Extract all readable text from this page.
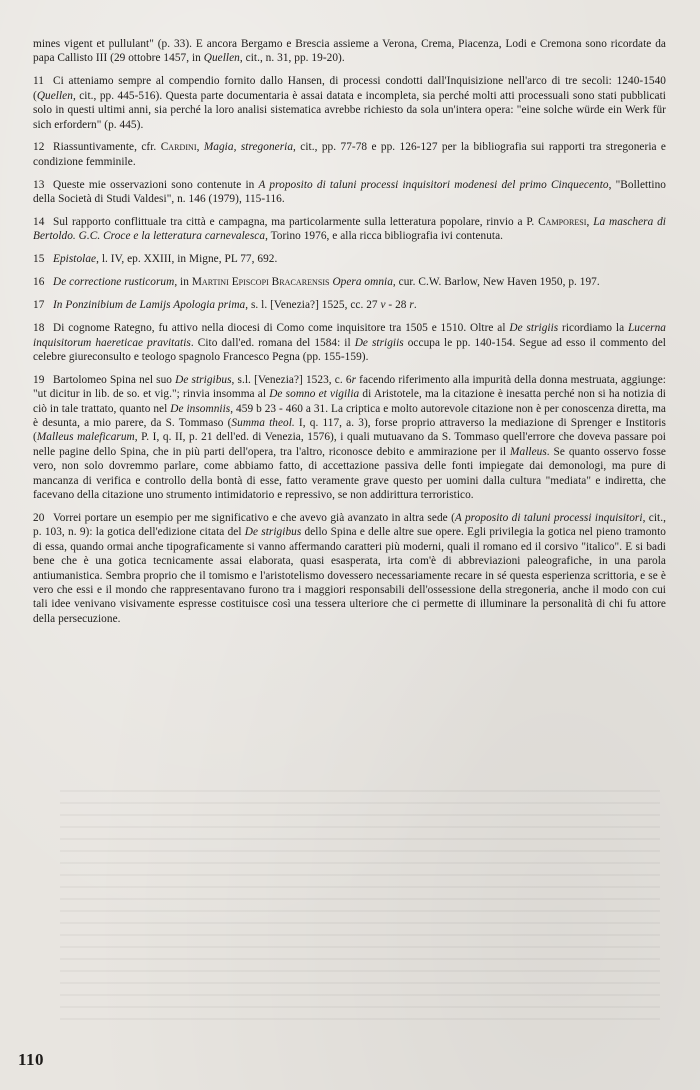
mines vigent et pullulant" (p. 33). E ancora Bergamo e Brescia assieme a Verona, Crema, Piacenza, Lodi e Cremona sono ricordate da papa Callisto III (29 ottobre 1457, in Quellen, cit., n. 31, pp. 19-20).

11 Ci atteniamo sempre al compendio fornito dallo Hansen, di processi condotti dall'Inquisizione nell'arco di tre secoli: 1240-1540 (Quellen, cit., pp. 445-516). Questa parte documentaria è assai datata e incompleta, sia perché molti atti processuali sono stati pubblicati solo in questi ultimi anni, sia perché la loro analisi sistematica avrebbe richiesto da sola un'intera opera: "eine solche würde ein Werk für sich erfordern" (p. 445).

12 Riassuntivamente, cfr. Cardini, Magia, stregoneria, cit., pp. 77-78 e pp. 126-127 per la bibliografia sui rapporti tra stregoneria e condizione femminile.

13 Queste mie osservazioni sono contenute in A proposito di taluni processi inquisitori modenesi del primo Cinquecento, "Bollettino della Società di Studi Valdesi", n. 146 (1979), 115-116.

14 Sul rapporto conflittuale tra città e campagna, ma particolarmente sulla letteratura popolare, rinvio a P. Camporesi, La maschera di Bertoldo. G.C. Croce e la letteratura carnevalesca, Torino 1976, e alla ricca bibliografia ivi contenuta.

15 Epistolae, l. IV, ep. XXIII, in Migne, PL 77, 692.

16 De correctione rusticorum, in Martini Episcopi Bracarensis Opera omnia, cur. C.W. Barlow, New Haven 1950, p. 197.

17 In Ponzinibium de Lamijs Apologia prima, s. l. [Venezia?] 1525, cc. 27 v - 28 r.

18 Di cognome Rategno, fu attivo nella diocesi di Como come inquisitore tra 1505 e 1510. Oltre al De strigiis ricordiamo la Lucerna inquisitorum haereticae pravitatis. Cito dall'ed. romana del 1584: il De strigiis occupa le pp. 140-154. Segue ad esso il commento del celebre giureconsulto e teologo spagnolo Francesco Pegna (pp. 155-159).

19 Bartolomeo Spina nel suo De strigibus, s.l. [Venezia?] 1523, c. 6r facendo riferimento alla impurità della donna mestruata, aggiunge: "ut dicitur in lib. de so. et vig."; rinvia insomma al De somno et vigilia di Aristotele, ma la citazione è inesatta perché non si ha notizia di ciò in tale trattato, quanto nel De insomniis, 459 b 23 - 460 a 31. La criptica e molto autorevole citazione non è per conoscenza diretta, ma è desunta, a mio parere, da S. Tommaso (Summa theol. I, q. 117, a. 3), forse proprio attraverso la mediazione di Sprenger e Institoris (Malleus maleficarum, P. I, q. II, p. 21 dell'ed. di Venezia, 1576), i quali mutuavano da S. Tommaso quell'errore che doveva passare poi nelle pagine dello Spina, che in più parti dell'opera, tra l'altro, riconosce debito e ammirazione per il Malleus. Se quanto osservo fosse vero, non solo dovremmo parlare, come abbiamo fatto, di accettazione passiva delle fonti impiegate dai demonologi, ma pure di mancanza di verifica e controllo della bontà di esse, fatto veramente grave questo per uomini dalla cultura "mediata" e indiretta, che facevano della citazione uno strumento intimidatorio e repressivo, se non addirittura terroristico.

20 Vorrei portare un esempio per me significativo e che avevo già avanzato in altra sede (A proposito di taluni processi inquisitori, cit., p. 103, n. 9): la gotica dell'edizione citata del De strigibus dello Spina e delle altre sue opere. Egli privilegia la gotica nel pieno tramonto di essa, quando ormai anche tipograficamente si vanno affermando caratteri più moderni, quali il romano ed il corsivo "italico". E si badi bene che è una gotica tecnicamente assai elaborata, quasi esasperata, irta com'è di abbreviazioni paleografiche, in una parola antiumanistica. Sembra proprio che il tomismo e l'aristotelismo dovessero necessariamente recare in sé questa esperienza scrittoria, e se è vero che essi e il mondo che rappresentavano furono tra i maggiori responsabili dell'ossessione della stregoneria, anche il modo con cui tali idee venivano visivamente espresse costituisce così una tessera ulteriore che ci permette di illuminare la personalità di chi fu attore della persecuzione.

110
